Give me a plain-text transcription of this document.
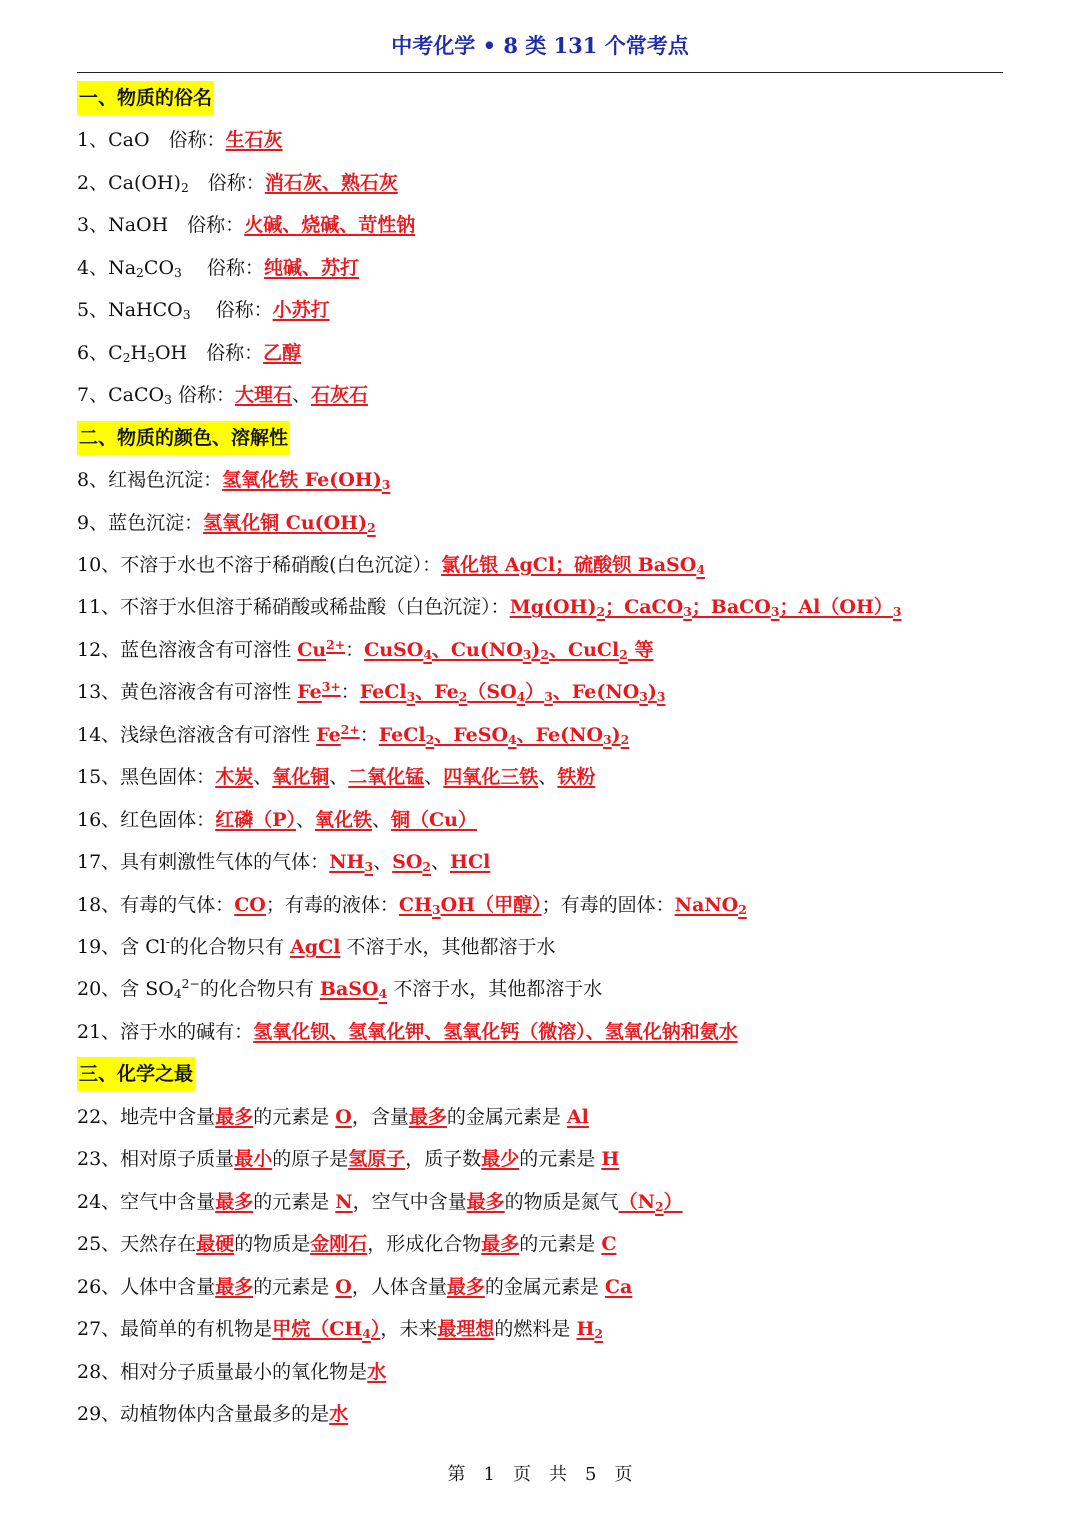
中考化学 • 8 类 131 个常考点
一、物质的俗名
1、CaO　俗称：生石灰
2、$Ca(OH)_2$　俗称：消石灰、熟石灰
3、NaOH　俗称：火碱、烧碱、苛性钠
4、$Na_2CO_3$　 俗称：纯碱、苏打
5、NaHCO$_3$　 俗称：小苏打
6、$C_2H_5OH$　俗称：乙醇
7、CaCO$_3$ 俗称：大理石、石灰石
二、物质的颜色、溶解性
8、红褐色沉淀：氢氧化铁 $Fe(OH)_3$
9、蓝色沉淀：氢氧化铜 $Cu(OH)_2$
10、不溶于水也不溶于稀硝酸(白色沉淀）：氯化银 AgCl；硫酸钡 BaSO$_4$
11、不溶于水但溶于稀硝酸或稀盐酸（白色沉淀）：$Mg(OH)_2$；CaCO$_3$；BaCO$_3$；$Al(OH)_3$
12、蓝色溶液含有可溶性 $Cu^{2+}$：CuSO$_4$、$Cu(NO_3)_2$、CuCl$_2$ 等
13、黄色溶液含有可溶性 $Fe^{3+}$：FeCl$_3$、$Fe_2(SO_4)_3$、$Fe(NO_3)_3$
14、浅绿色溶液含有可溶性 $Fe^{2+}$：FeCl$_2$、FeSO$_4$、$Fe(NO_3)_2$
15、黑色固体：木炭、氧化铜、二氧化锰、四氧化三铁、铁粉
16、红色固体：红磷（P）、氧化铁、铜（Cu）
17、具有刺激性气体的气体：$NH_3$、$SO_2$、HCl
18、有毒的气体：CO；有毒的液体：$CH_3OH$（甲醇）；有毒的固体：NaNO$_2$
19、含 Cl-的化合物只有 AgCl 不溶于水，其他都溶于水
20、含 $SO_4^{2-}$的化合物只有 BaSO$_4$ 不溶于水，其他都溶于水
21、溶于水的碱有：氢氧化钡、氢氧化钾、氢氧化钙（微溶）、氢氧化钠和氨水
三、化学之最
22、地壳中含量最多的元素是 O，含量最多的金属元素是 Al
23、相对原子质量最小的原子是氢原子，质子数最少的元素是 H
24、空气中含量最多的元素是 N，空气中含量最多的物质是氮气$(N_2)$
25、天然存在最硬的物质是金刚石，形成化合物最多的元素是 C
26、人体中含量最多的元素是 O，人体含量最多的金属元素是 Ca
27、最简单的有机物是甲烷$(CH_4)$，未来最理想的燃料是 $H_2$
28、相对分子质量最小的氧化物是水
29、动植物体内含量最多的是水
第　1　页　共　5　页
